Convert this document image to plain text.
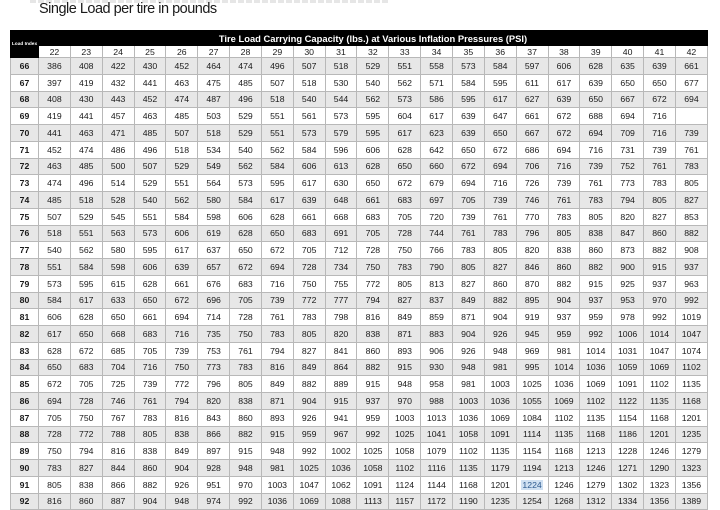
Single Load per tire in pounds
Load Index	Tire Load Carrying Capacity (lbs.) at Various Inflation Pressures (PSI)																				
	22	23	24	25	26	27	28	29	30	31	32	33	34	35	36	37	38	39	40	41	42
66	386	408	422	430	452	464	474	496	507	518	529	551	558	573	584	597	606	628	635	639	661
67	397	419	432	441	463	475	485	507	518	530	540	562	571	584	595	611	617	639	650	650	677
68	408	430	443	452	474	487	496	518	540	544	562	573	586	595	617	627	639	650	667	672	694
69	419	441	457	463	485	503	529	551	561	573	595	604	617	639	647	661	672	688	694	716	
70	441	463	471	485	507	518	529	551	573	579	595	617	623	639	650	667	672	694	709	716	739
71	452	474	486	496	518	534	540	562	584	596	606	628	642	650	672	686	694	716	731	739	761
72	463	485	500	507	529	549	562	584	606	613	628	650	660	672	694	706	716	739	752	761	783
73	474	496	514	529	551	564	573	595	617	630	650	672	679	694	716	726	739	761	773	783	805
74	485	518	528	540	562	580	584	617	639	648	661	683	697	705	739	746	761	783	794	805	827
75	507	529	545	551	584	598	606	628	661	668	683	705	720	739	761	770	783	805	820	827	853
76	518	551	563	573	606	619	628	650	683	691	705	728	744	761	783	796	805	838	847	860	882
77	540	562	580	595	617	637	650	672	705	712	728	750	766	783	805	820	838	860	873	882	908
78	551	584	598	606	639	657	672	694	728	734	750	783	790	805	827	846	860	882	900	915	937
79	573	595	615	628	661	676	683	716	750	755	772	805	813	827	860	870	882	915	925	937	963
80	584	617	633	650	672	696	705	739	772	777	794	827	837	849	882	895	904	937	953	970	992
81	606	628	650	661	694	714	728	761	783	798	816	849	859	871	904	919	937	959	978	992	1019
82	617	650	668	683	716	735	750	783	805	820	838	871	883	904	926	945	959	992	1006	1014	1047
83	628	672	685	705	739	753	761	794	827	841	860	893	906	926	948	969	981	1014	1031	1047	1074
84	650	683	704	716	750	773	783	816	849	864	882	915	930	948	981	995	1014	1036	1059	1069	1102
85	672	705	725	739	772	796	805	849	882	889	915	948	958	981	1003	1025	1036	1069	1091	1102	1135
86	694	728	746	761	794	820	838	871	904	915	937	970	988	1003	1036	1055	1069	1102	1122	1135	1168
87	705	750	767	783	816	843	860	893	926	941	959	1003	1013	1036	1069	1084	1102	1135	1154	1168	1201
88	728	772	788	805	838	866	882	915	959	967	992	1025	1041	1058	1091	1114	1135	1168	1186	1201	1235
89	750	794	816	838	849	897	915	948	992	1002	1025	1058	1079	1102	1135	1154	1168	1213	1228	1246	1279
90	783	827	844	860	904	928	948	981	1025	1036	1058	1102	1116	1135	1179	1194	1213	1246	1271	1290	1323
91	805	838	866	882	926	951	970	1003	1047	1062	1091	1124	1144	1168	1201	1224	1246	1279	1302	1323	1356
92	816	860	887	904	948	974	992	1036	1069	1088	1113	1157	1172	1190	1235	1254	1268	1312	1334	1356	1389
